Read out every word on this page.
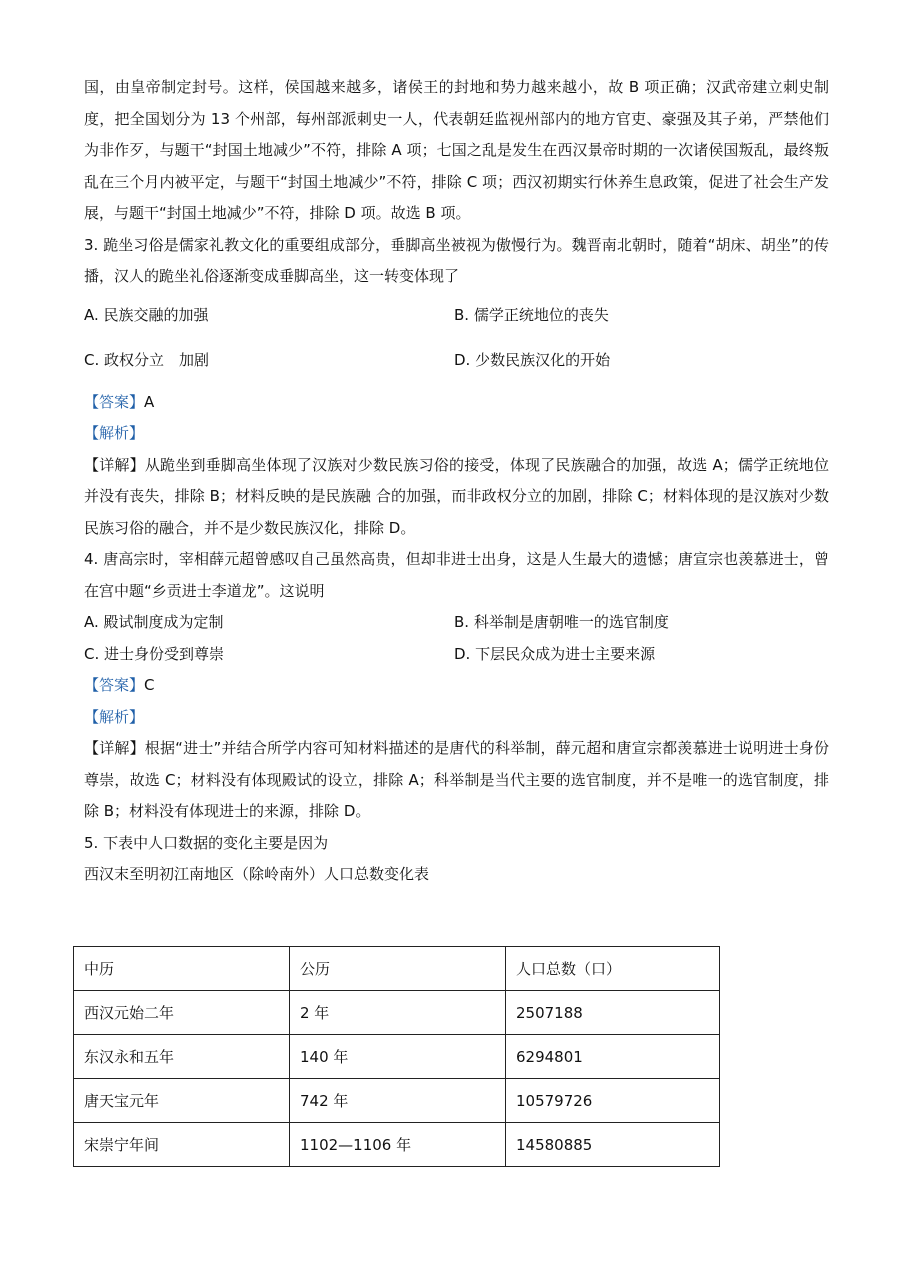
国，由皇帝制定封号。这样，侯国越来越多，诸侯王的封地和势力越来越小，故 B 项正确；汉武帝建立刺史制度，把全国划分为 13 个州部，每州部派刺史一人，代表朝廷监视州部内的地方官吏、豪强及其子弟，严禁他们为非作歹，与题干“封国土地减少”不符，排除 A 项；七国之乱是发生在西汉景帝时期的一次诸侯国叛乱，最终叛乱在三个月内被平定，与题干“封国土地减少”不符，排除 C 项；西汉初期实行休养生息政策，促进了社会生产发展，与题干“封国土地减少”不符，排除 D 项。故选 B 项。

3. 跪坐习俗是儒家礼教文化的重要组成部分，垂脚高坐被视为傲慢行为。魏晋南北朝时，随着“胡床、胡坐”的传播，汉人的跪坐礼俗逐渐变成垂脚高坐，这一转变体现了

A. 民族交融的加强	B. 儒学正统地位的丧失
C. 政权分立　加剧	D. 少数民族汉化的开始

【答案】A

【解析】

【详解】从跪坐到垂脚高坐体现了汉族对少数民族习俗的接受，体现了民族融合的加强，故选 A；儒学正统地位并没有丧失，排除 B；材料反映的是民族融 合的加强，而非政权分立的加剧，排除 C；材料体现的是汉族对少数民族习俗的融合，并不是少数民族汉化，排除 D。

4. 唐高宗时，宰相薛元超曾感叹自己虽然高贵，但却非进士出身，这是人生最大的遗憾；唐宣宗也羡慕进士，曾在宫中题“乡贡进士李道龙”。这说明

A. 殿试制度成为定制	B. 科举制是唐朝唯一的选官制度
C. 进士身份受到尊崇	D. 下层民众成为进士主要来源

【答案】C

【解析】

【详解】根据“进士”并结合所学内容可知材料描述的是唐代的科举制，薛元超和唐宣宗都羡慕进士说明进士身份尊崇，故选 C；材料没有体现殿试的设立，排除 A；科举制是当代主要的选官制度，并不是唯一的选官制度，排除 B；材料没有体现进士的来源，排除 D。

5. 下表中人口数据的变化主要是因为

西汉末至明初江南地区（除岭南外）人口总数变化表

中历	公历	人口总数（口）
西汉元始二年	2 年	2507188
东汉永和五年	140 年	6294801
唐天宝元年	742 年	10579726
宋崇宁年间	1102—1106 年	14580885
